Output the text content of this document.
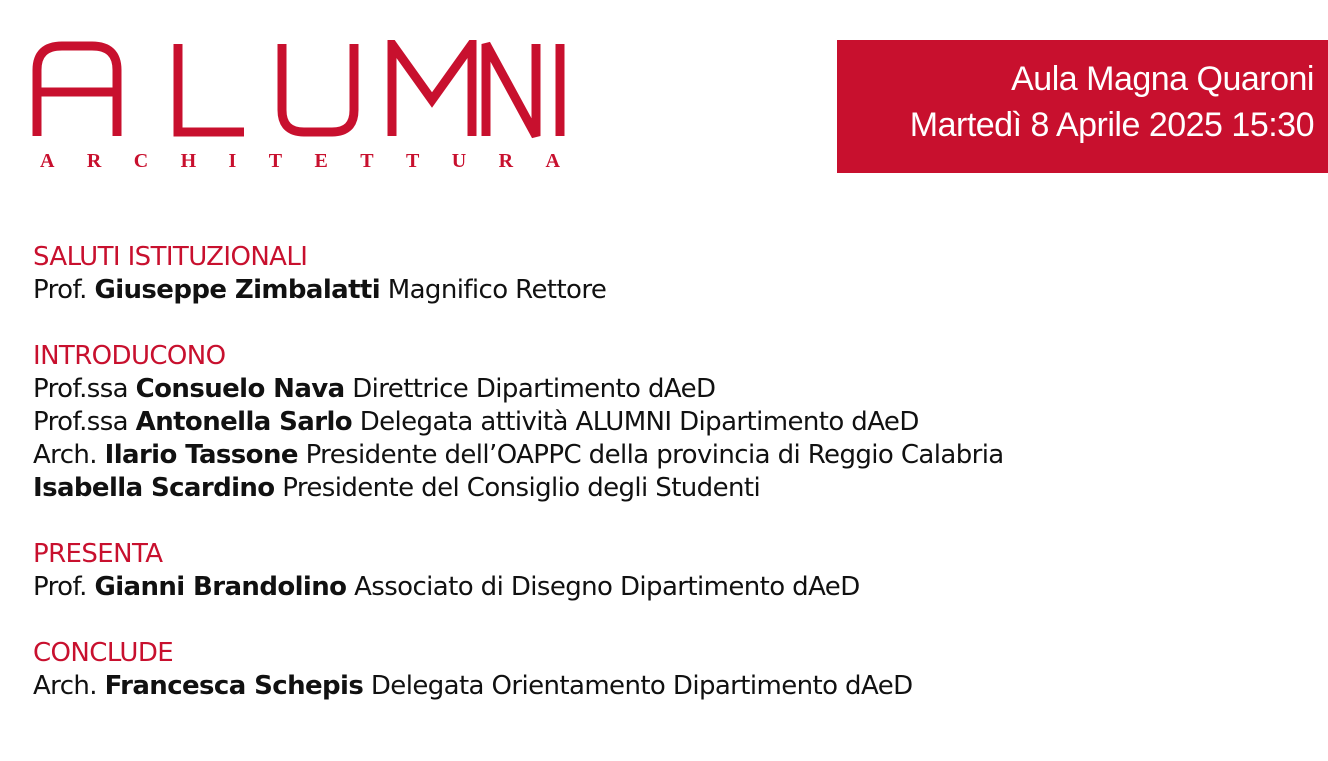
A R C H I T E T T U R A
Aula Magna Quaroni
Martedì 8 Aprile 2025 15:30
SALUTI ISTITUZIONALI
Prof. Giuseppe Zimbalatti Magnifico Rettore
INTRODUCONO
Prof.ssa Consuelo Nava Direttrice Dipartimento dAeD
Prof.ssa Antonella Sarlo Delegata attività ALUMNI Dipartimento dAeD
Arch. Ilario Tassone Presidente dell’OAPPC della provincia di Reggio Calabria
Isabella Scardino Presidente del Consiglio degli Studenti
PRESENTA
Prof. Gianni Brandolino Associato di Disegno Dipartimento dAeD
CONCLUDE
Arch. Francesca Schepis Delegata Orientamento Dipartimento dAeD
